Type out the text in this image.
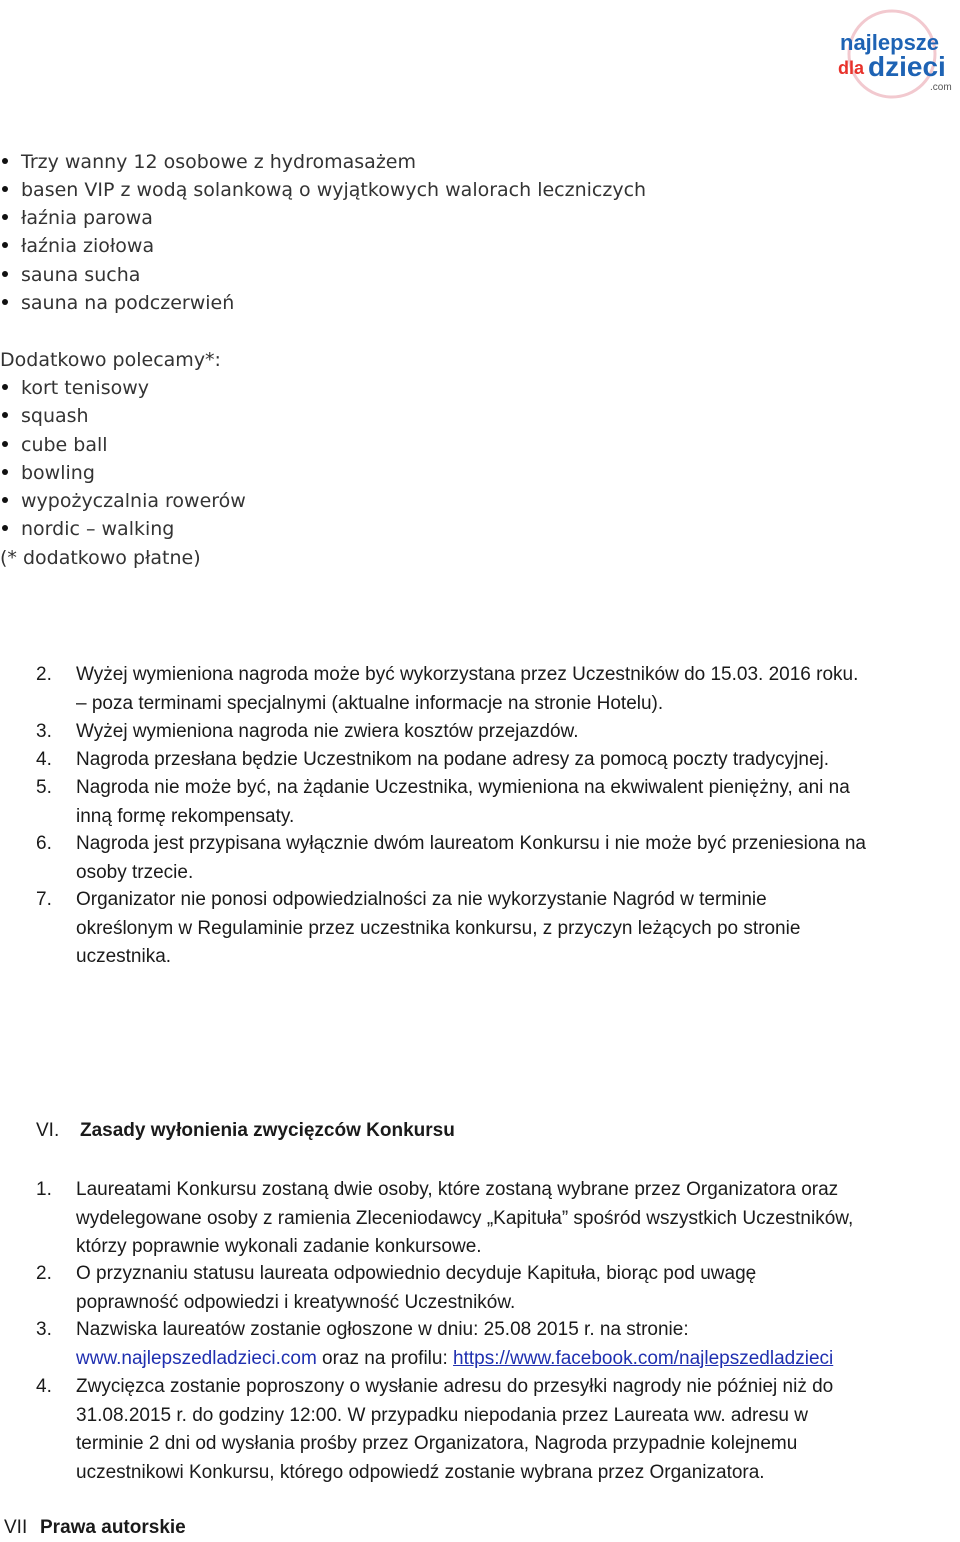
najlepsze
dla dzieci
.com
Trzy wanny 12 osobowe z hydromasażem
basen VIP z wodą solankową o wyjątkowych walorach leczniczych
łaźnia parowa
łaźnia ziołowa
sauna sucha
sauna na podczerwień
Dodatkowo polecamy*:
kort tenisowy
squash
cube ball
bowling
wypożyczalnia rowerów
nordic – walking
(* dodatkowo płatne)
2.	Wyżej wymieniona nagroda może być wykorzystana przez Uczestników do 15.03. 2016 roku.
– poza terminami specjalnymi (aktualne informacje na stronie Hotelu).
3.	Wyżej wymieniona nagroda nie zwiera kosztów przejazdów.
4.	Nagroda przesłana będzie Uczestnikom na podane adresy za pomocą poczty tradycyjnej.
5.	Nagroda nie może być, na żądanie Uczestnika, wymieniona na ekwiwalent pieniężny, ani na
inną formę rekompensaty.
6.	Nagroda jest przypisana wyłącznie dwóm laureatom Konkursu i nie może być przeniesiona na
osoby trzecie.
7.	Organizator nie ponosi odpowiedzialności za nie wykorzystanie Nagród w terminie
określonym w Regulaminie przez uczestnika konkursu, z przyczyn leżących po stronie
uczestnika.
VI. Zasady wyłonienia zwycięzców Konkursu
1.	Laureatami Konkursu zostaną dwie osoby, które zostaną wybrane przez Organizatora oraz
wydelegowane osoby z ramienia Zleceniodawcy „Kapituła” spośród wszystkich Uczestników,
którzy poprawnie wykonali zadanie konkursowe.
2.	O przyznaniu statusu laureata odpowiednio decyduje Kapituła, biorąc pod uwagę
poprawność odpowiedzi i kreatywność Uczestników.
3.	Nazwiska laureatów zostanie ogłoszone w dniu: 25.08 2015 r. na stronie:
www.najlepszedladzieci.com oraz na profilu: https://www.facebook.com/najlepszedladzieci
4.	Zwycięzca zostanie poproszony o wysłanie adresu do przesyłki nagrody nie później niż do
31.08.2015 r. do godziny 12:00. W przypadku niepodania przez Laureata ww. adresu w
terminie 2 dni od wysłania prośby przez Organizatora, Nagroda przypadnie kolejnemu
uczestnikowi Konkursu, którego odpowiedź zostanie wybrana przez Organizatora.
VII Prawa autorskie
